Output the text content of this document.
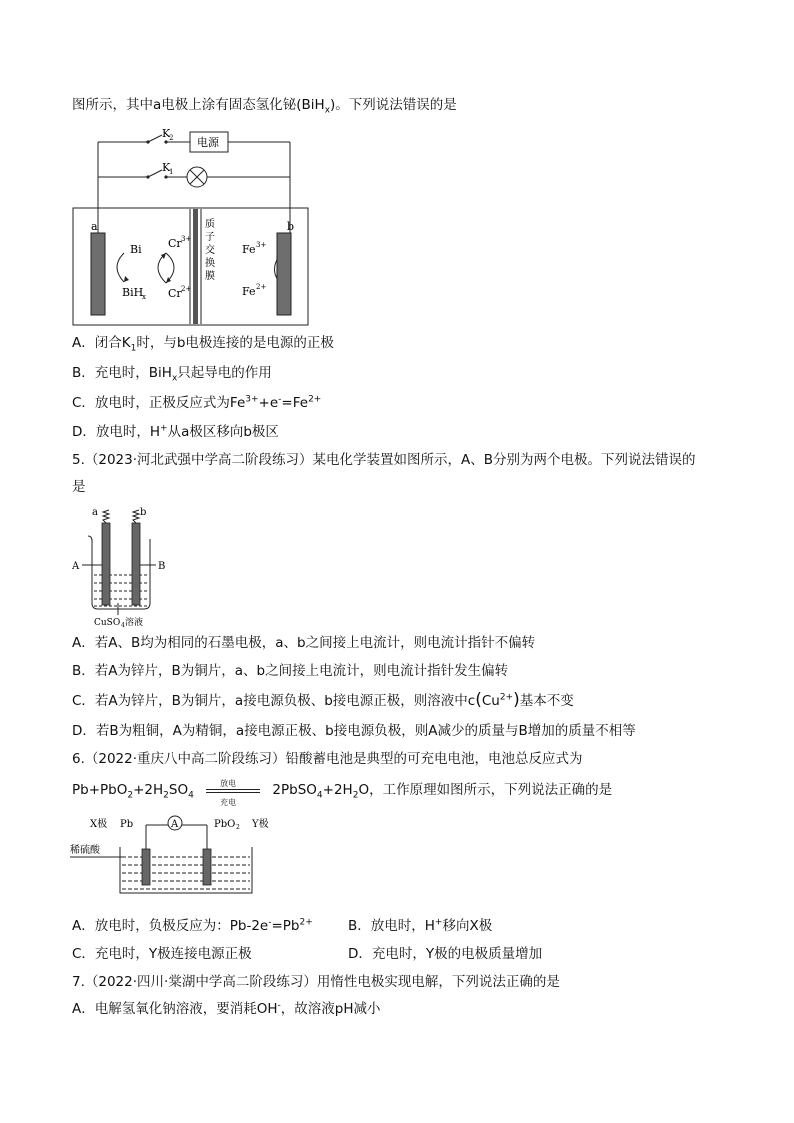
图所示，其中a电极上涂有固态氢化铋(BiH$_x$)。下列说法错误的是
K
2
K
1
电源
a	b
Bi
BiH
x
Cr 3+
Cr 2+
Fe 3+
Fe 2+
质
子
交
换
膜
A．闭合$K_1$时，与b电极连接的是电源的正极
B．充电时，BiH$_x$只起导电的作用
C．放电时，正极反应式为$Fe^{3+}+e^-=Fe^{2+}$
D．放电时，H+从a极区移向b极区
5.（2023·河北武强中学高二阶段练习）某电化学装置如图所示，A、B分别为两个电极。下列说法错误的
是
a	b
A	B
CuSO 4 溶液
A．若A、B均为相同的石墨电极，a、b之间接上电流计，则电流计指针不偏转
B．若A为锌片，B为铜片，a、b之间接上电流计，则电流计指针发生偏转
C．若A为锌片，B为铜片，a接电源负极、b接电源正极，则溶液中$c(Cu^{2+})$基本不变
D．若B为粗铜，A为精铜，a接电源正极、b接电源负极，则A减少的质量与B增加的质量不相等
6.（2022·重庆八中高二阶段练习）铅酸蓄电池是典型的可充电电池，电池总反应式为
$Pb+PbO_2+2H_2SO_4$
放电
充电
$2PbSO_4+2H_2O$，工作原理如图所示，下列说法正确的是
X极 Pb	A	PbO 2 Y极
稀硫酸
A．放电时，负极反应为：$Pb-2e^-=Pb^{2+}$	B．放电时，H+移向X极
C．充电时，Y极连接电源正极	D．充电时，Y极的电极质量增加
7.（2022·四川·棠湖中学高二阶段练习）用惰性电极实现电解，下列说法正确的是
A．电解氢氧化钠溶液，要消耗OH-，故溶液pH减小
